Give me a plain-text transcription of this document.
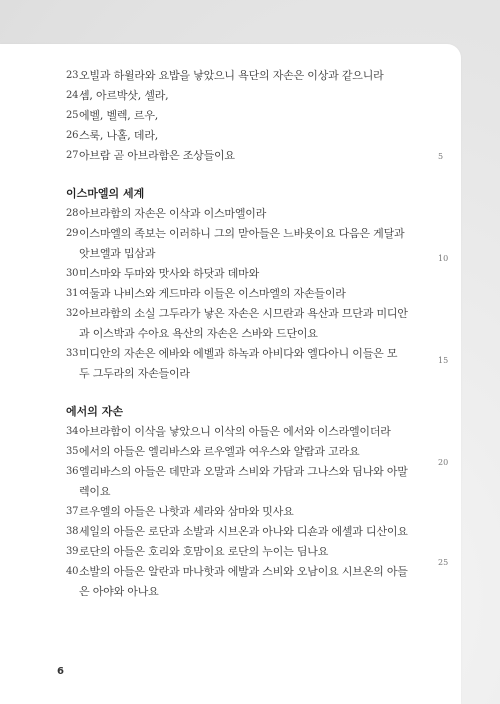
23 오빌과 하윌라와 요밥을 낳았으니 욕단의 자손은 이상과 같으니라
24 셈, 아르박삿, 셀라,
25 에벨, 벨렉, 르우,
26 스룩, 나홀, 데라,
27 아브람 곧 아브라함은 조상들이요
이스마엘의 세계
28 아브라함의 자손은 이삭과 이스마엘이라
29 이스마엘의 족보는 이러하니 그의 맏아들은 느바욧이요 다음은 게달과
앗브엘과 밉삼과
30 미스마와 두마와 맛사와 하닷과 데마와
31 여둘과 나비스와 게드마라 이들은 이스마엘의 자손들이라
32 아브라함의 소실 그두라가 낳은 자손은 시므란과 욕산과 므단과 미디안
과 이스박과 수아요 욕산의 자손은 스바와 드단이요
33 미디안의 자손은 에바와 에벨과 하녹과 아비다와 엘다아니 이들은 모
두 그두라의 자손들이라
에서의 자손
34 아브라함이 이삭을 낳았으니 이삭의 아들은 에서와 이스라엘이더라
35 에서의 아들은 엘리바스와 르우엘과 여우스와 얄람과 고라요
36 엘리바스의 아들은 데만과 오말과 스비와 가담과 그나스와 딤나와 아말
렉이요
37 르우엘의 아들은 나핫과 세라와 삼마와 밋사요
38 세일의 아들은 로단과 소발과 시브온과 아나와 디숀과 에셀과 디산이요
39 로단의 아들은 호리와 호맘이요 로단의 누이는 딤나요
40 소발의 아들은 알란과 마나핫과 에발과 스비와 오남이요 시브온의 아들
은 아야와 아나요
5
10
15
20
25
6
